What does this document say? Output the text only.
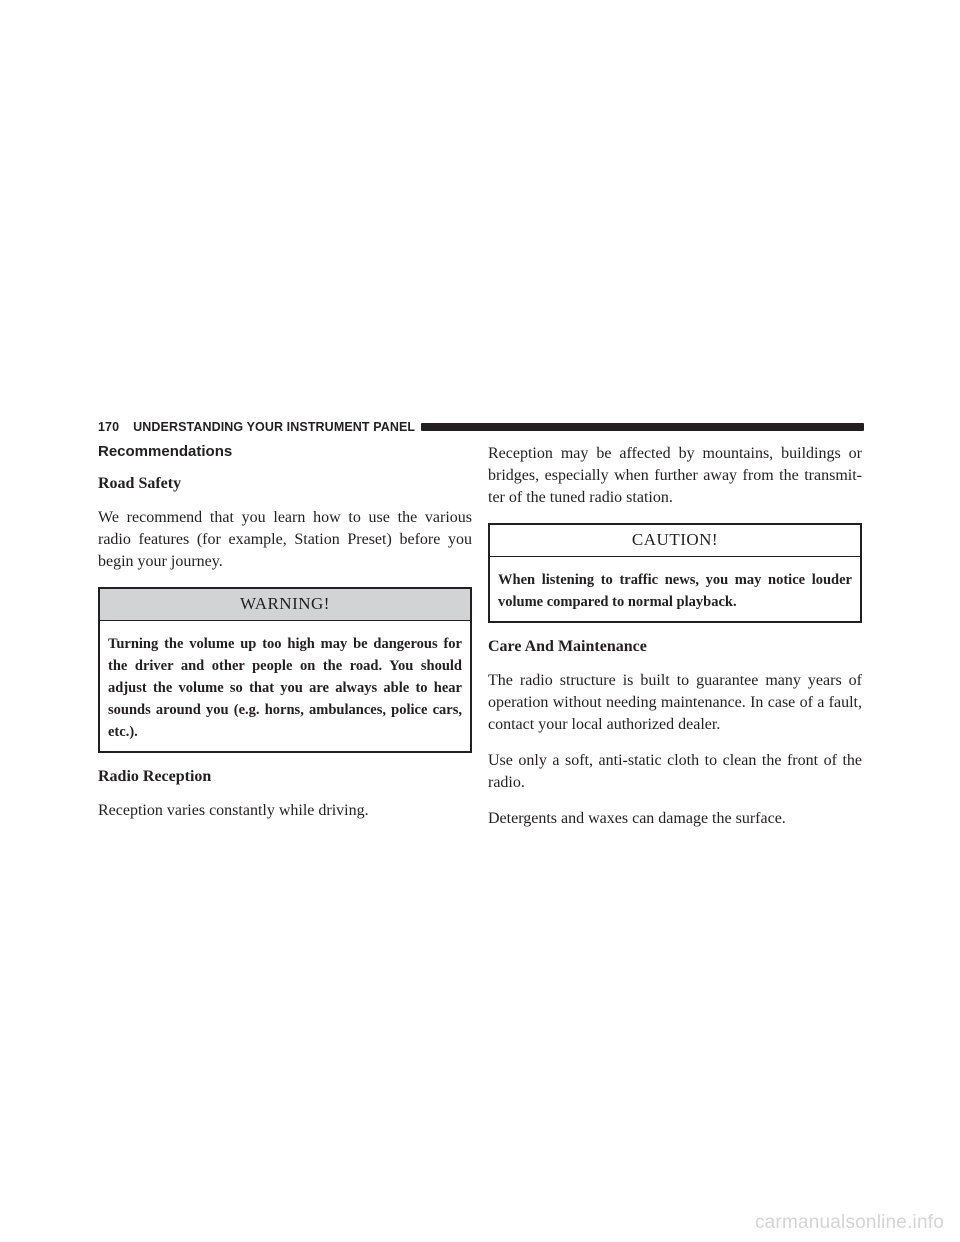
170	UNDERSTANDING YOUR INSTRUMENT PANEL
Recommendations
Road Safety

We recommend that you learn how to use the various radio features (for example, Station Preset) before you begin your journey.

WARNING!
Turning the volume up too high may be dangerous for the driver and other people on the road. You should adjust the volume so that you are always able to hear sounds around you (e.g. horns, ambulances, police cars, etc.).
Radio Reception

Reception varies constantly while driving.

Reception may be affected by mountains, buildings or bridges, especially when further away from the transmit-ter of the tuned radio station.

CAUTION!
When listening to traffic news, you may notice louder volume compared to normal playback.
Care And Maintenance

The radio structure is built to guarantee many years of operation without needing maintenance. In case of a fault, contact your local authorized dealer.

Use only a soft, anti-static cloth to clean the front of the radio.

Detergents and waxes can damage the surface.

carmanualsonline.info
